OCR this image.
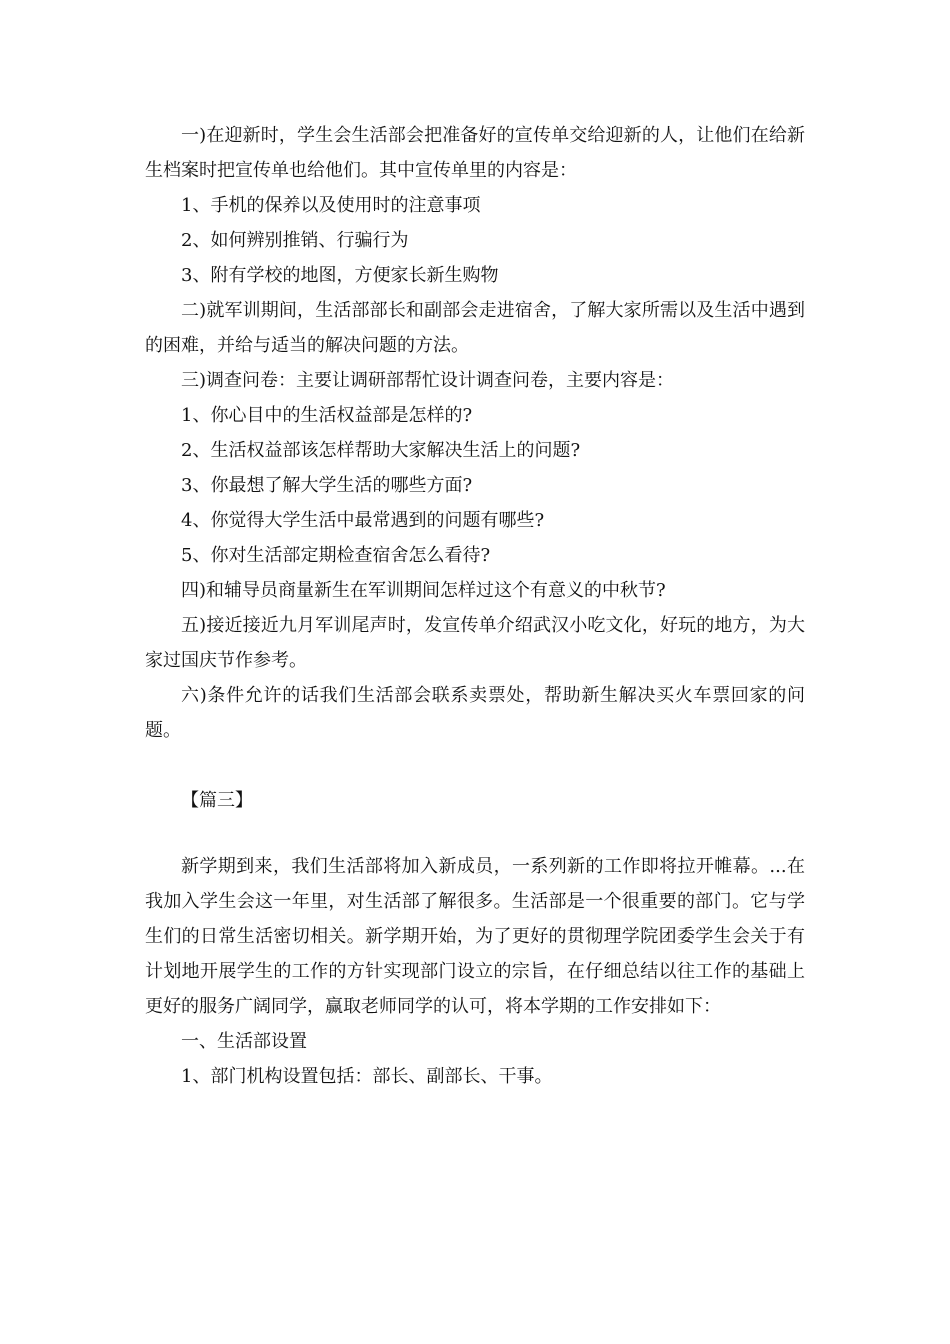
一)在迎新时，学生会生活部会把准备好的宣传单交给迎新的人，让他们在给新生档案时把宣传单也给他们。其中宣传单里的内容是：

1、手机的保养以及使用时的注意事项

2、如何辨别推销、行骗行为

3、附有学校的地图，方便家长新生购物

二)就军训期间，生活部部长和副部会走进宿舍，了解大家所需以及生活中遇到的困难，并给与适当的解决问题的方法。

三)调查问卷：主要让调研部帮忙设计调查问卷，主要内容是：

1、你心目中的生活权益部是怎样的?

2、生活权益部该怎样帮助大家解决生活上的问题?

3、你最想了解大学生活的哪些方面?

4、你觉得大学生活中最常遇到的问题有哪些?

5、你对生活部定期检查宿舍怎么看待?

四)和辅导员商量新生在军训期间怎样过这个有意义的中秋节?

五)接近接近九月军训尾声时，发宣传单介绍武汉小吃文化，好玩的地方，为大家过国庆节作参考。

六)条件允许的话我们生活部会联系卖票处，帮助新生解决买火车票回家的问题。

【篇三】

新学期到来，我们生活部将加入新成员，一系列新的工作即将拉开帷幕。...在我加入学生会这一年里，对生活部了解很多。生活部是一个很重要的部门。它与学生们的日常生活密切相关。新学期开始，为了更好的贯彻理学院团委学生会关于有计划地开展学生的工作的方针实现部门设立的宗旨，在仔细总结以往工作的基础上更好的服务广阔同学，赢取老师同学的认可，将本学期的工作安排如下：

一、生活部设置

1、部门机构设置包括：部长、副部长、干事。
